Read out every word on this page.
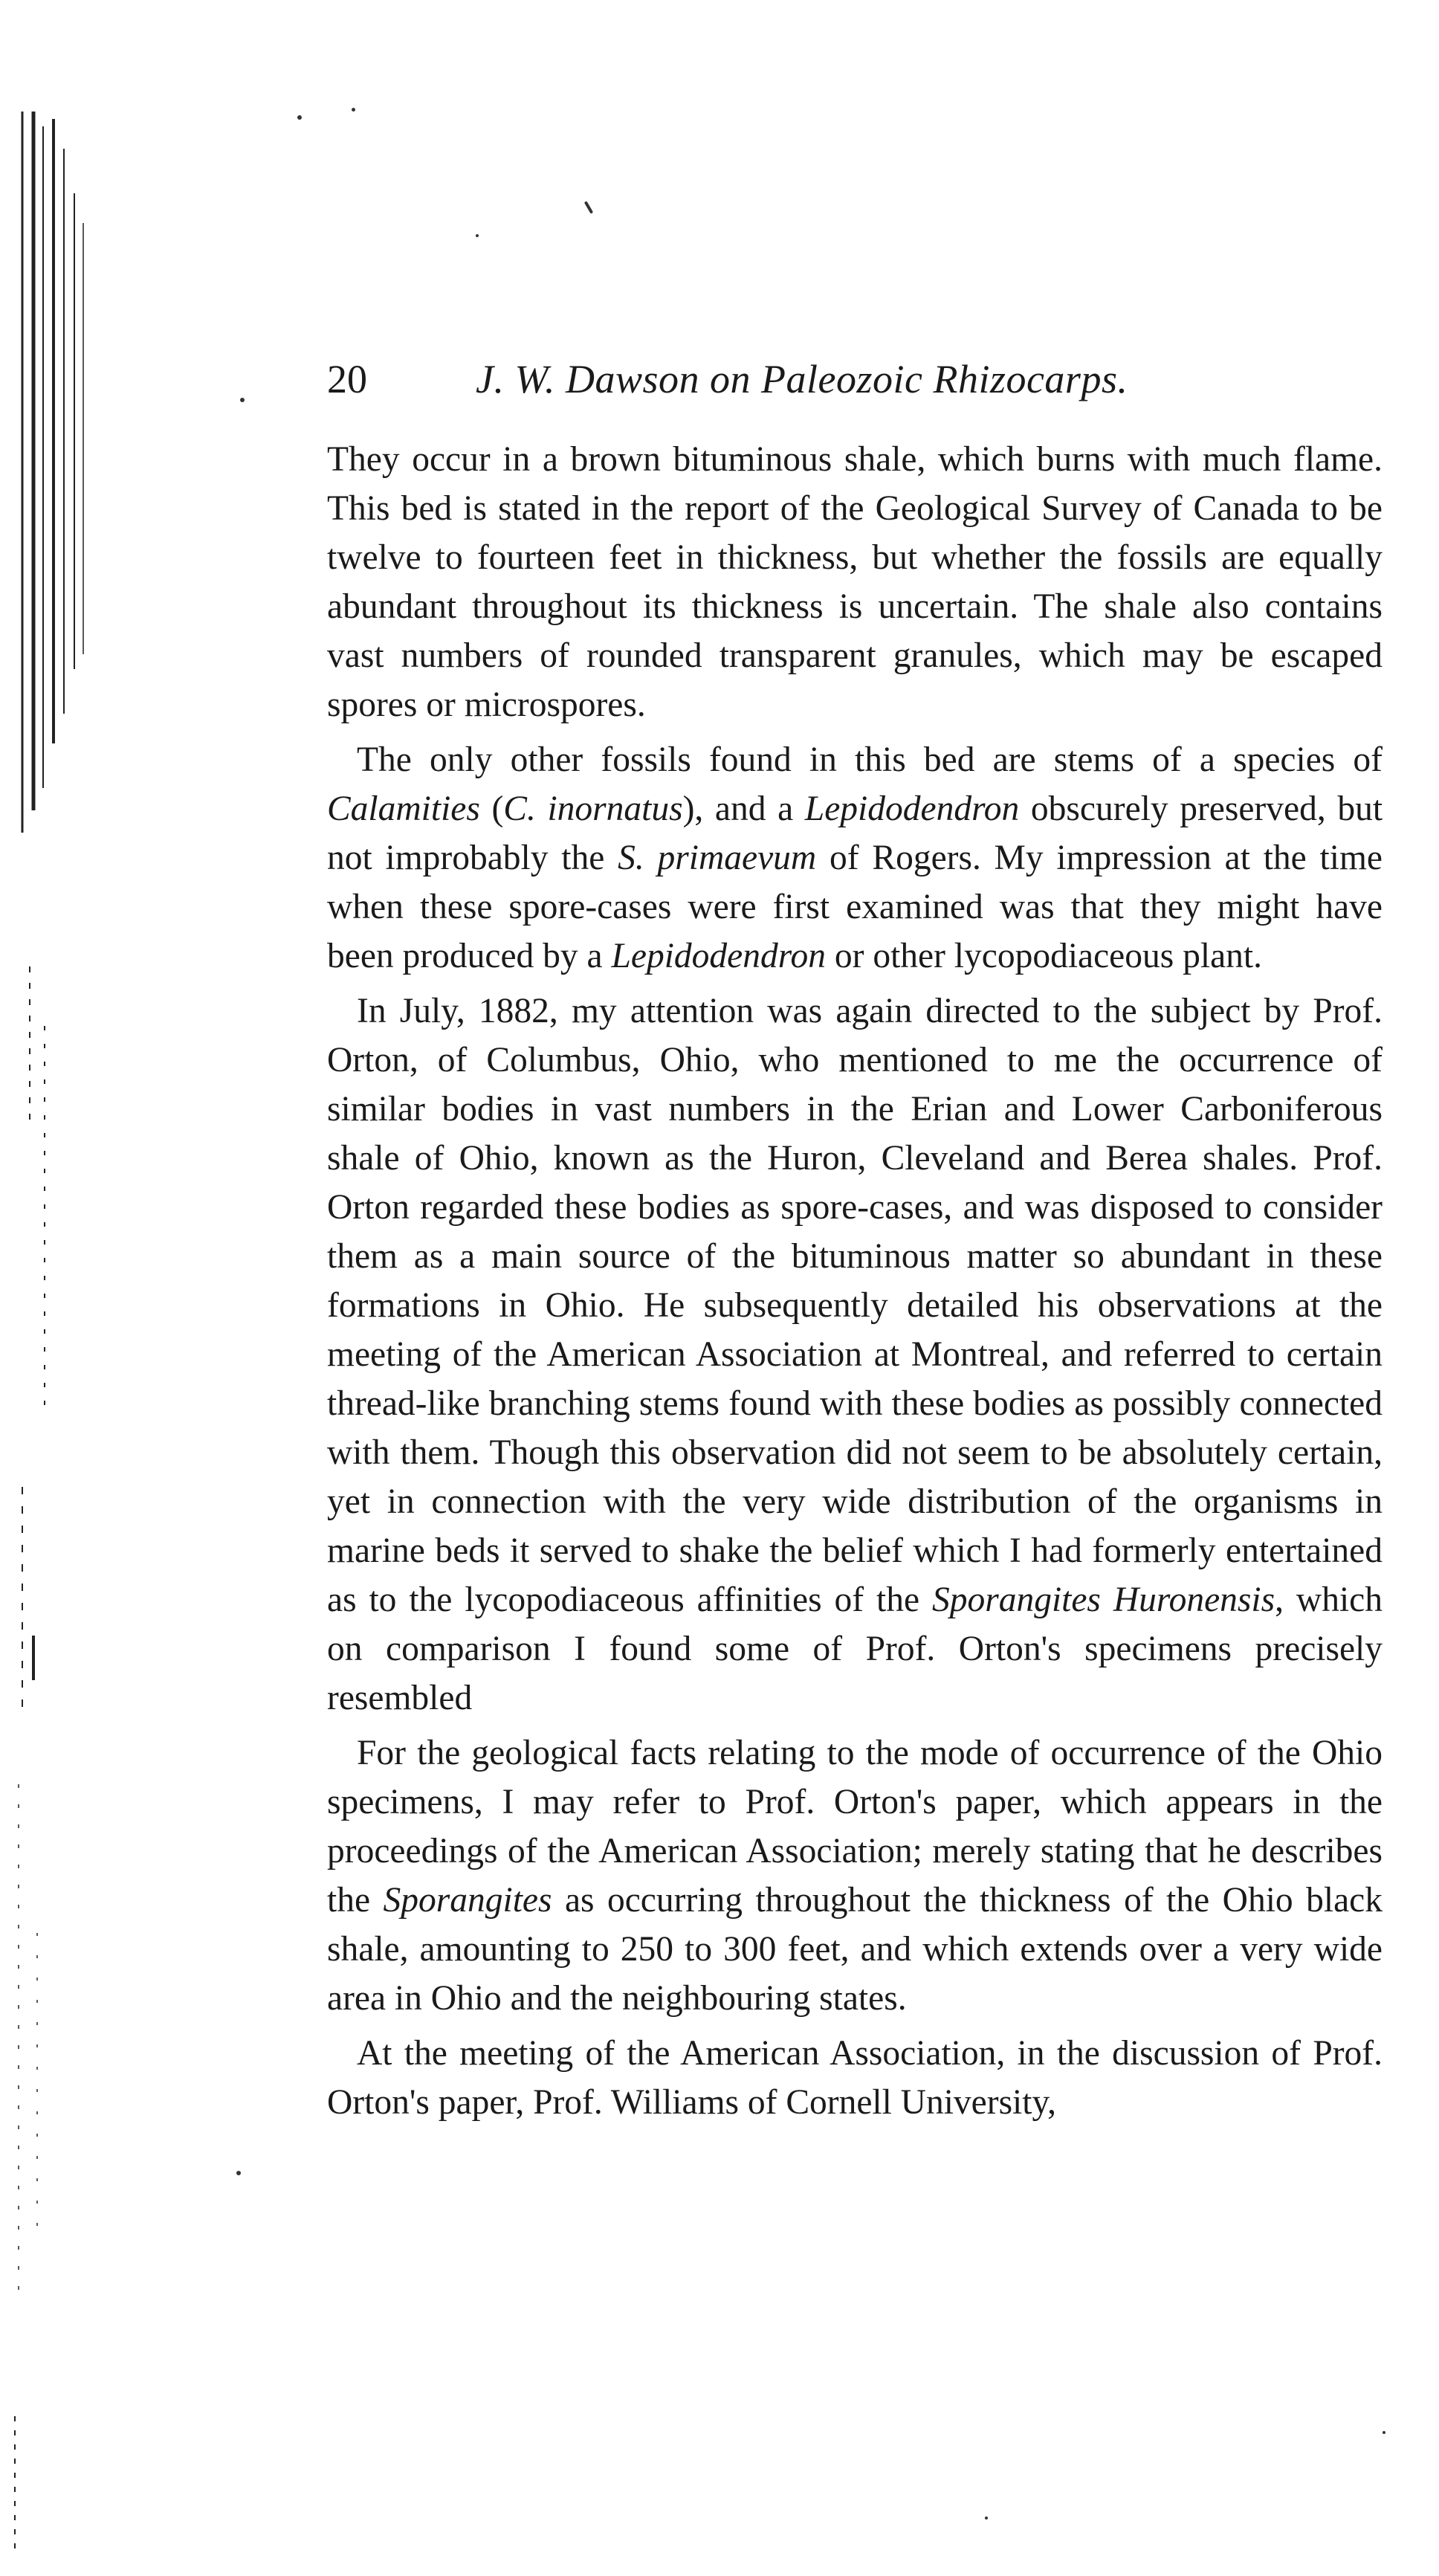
20	J. W. Dawson on Paleozoic Rhizocarps.

They occur in a brown bituminous shale, which burns with much flame. This bed is stated in the report of the Geological Survey of Canada to be twelve to fourteen feet in thickness, but whether the fossils are equally abundant throughout its thickness is uncertain. The shale also contains vast numbers of rounded transparent granules, which may be escaped spores or microspores.

The only other fossils found in this bed are stems of a species of Calamities (C. inornatus), and a Lepidodendron obscurely preserved, but not improbably the S. primaevum of Rogers. My impression at the time when these spore-cases were first examined was that they might have been produced by a Lepidodendron or other lycopodiaceous plant.

In July, 1882, my attention was again directed to the subject by Prof. Orton, of Columbus, Ohio, who mentioned to me the occurrence of similar bodies in vast numbers in the Erian and Lower Carboniferous shale of Ohio, known as the Huron, Cleveland and Berea shales. Prof. Orton regarded these bodies as spore-cases, and was disposed to consider them as a main source of the bituminous matter so abundant in these formations in Ohio. He subsequently detailed his observations at the meeting of the American Association at Montreal, and referred to certain thread-like branching stems found with these bodies as possibly connected with them. Though this observation did not seem to be absolutely certain, yet in connection with the very wide distribution of the organisms in marine beds it served to shake the belief which I had formerly entertained as to the lycopodiaceous affinities of the Sporangites Huronensis, which on comparison I found some of Prof. Orton's specimens precisely resembled

For the geological facts relating to the mode of occurrence of the Ohio specimens, I may refer to Prof. Orton's paper, which appears in the proceedings of the American Association; merely stating that he describes the Sporangites as occurring throughout the thickness of the Ohio black shale, amounting to 250 to 300 feet, and which extends over a very wide area in Ohio and the neighbouring states.

At the meeting of the American Association, in the discussion of Prof. Orton's paper, Prof. Williams of Cornell University,
